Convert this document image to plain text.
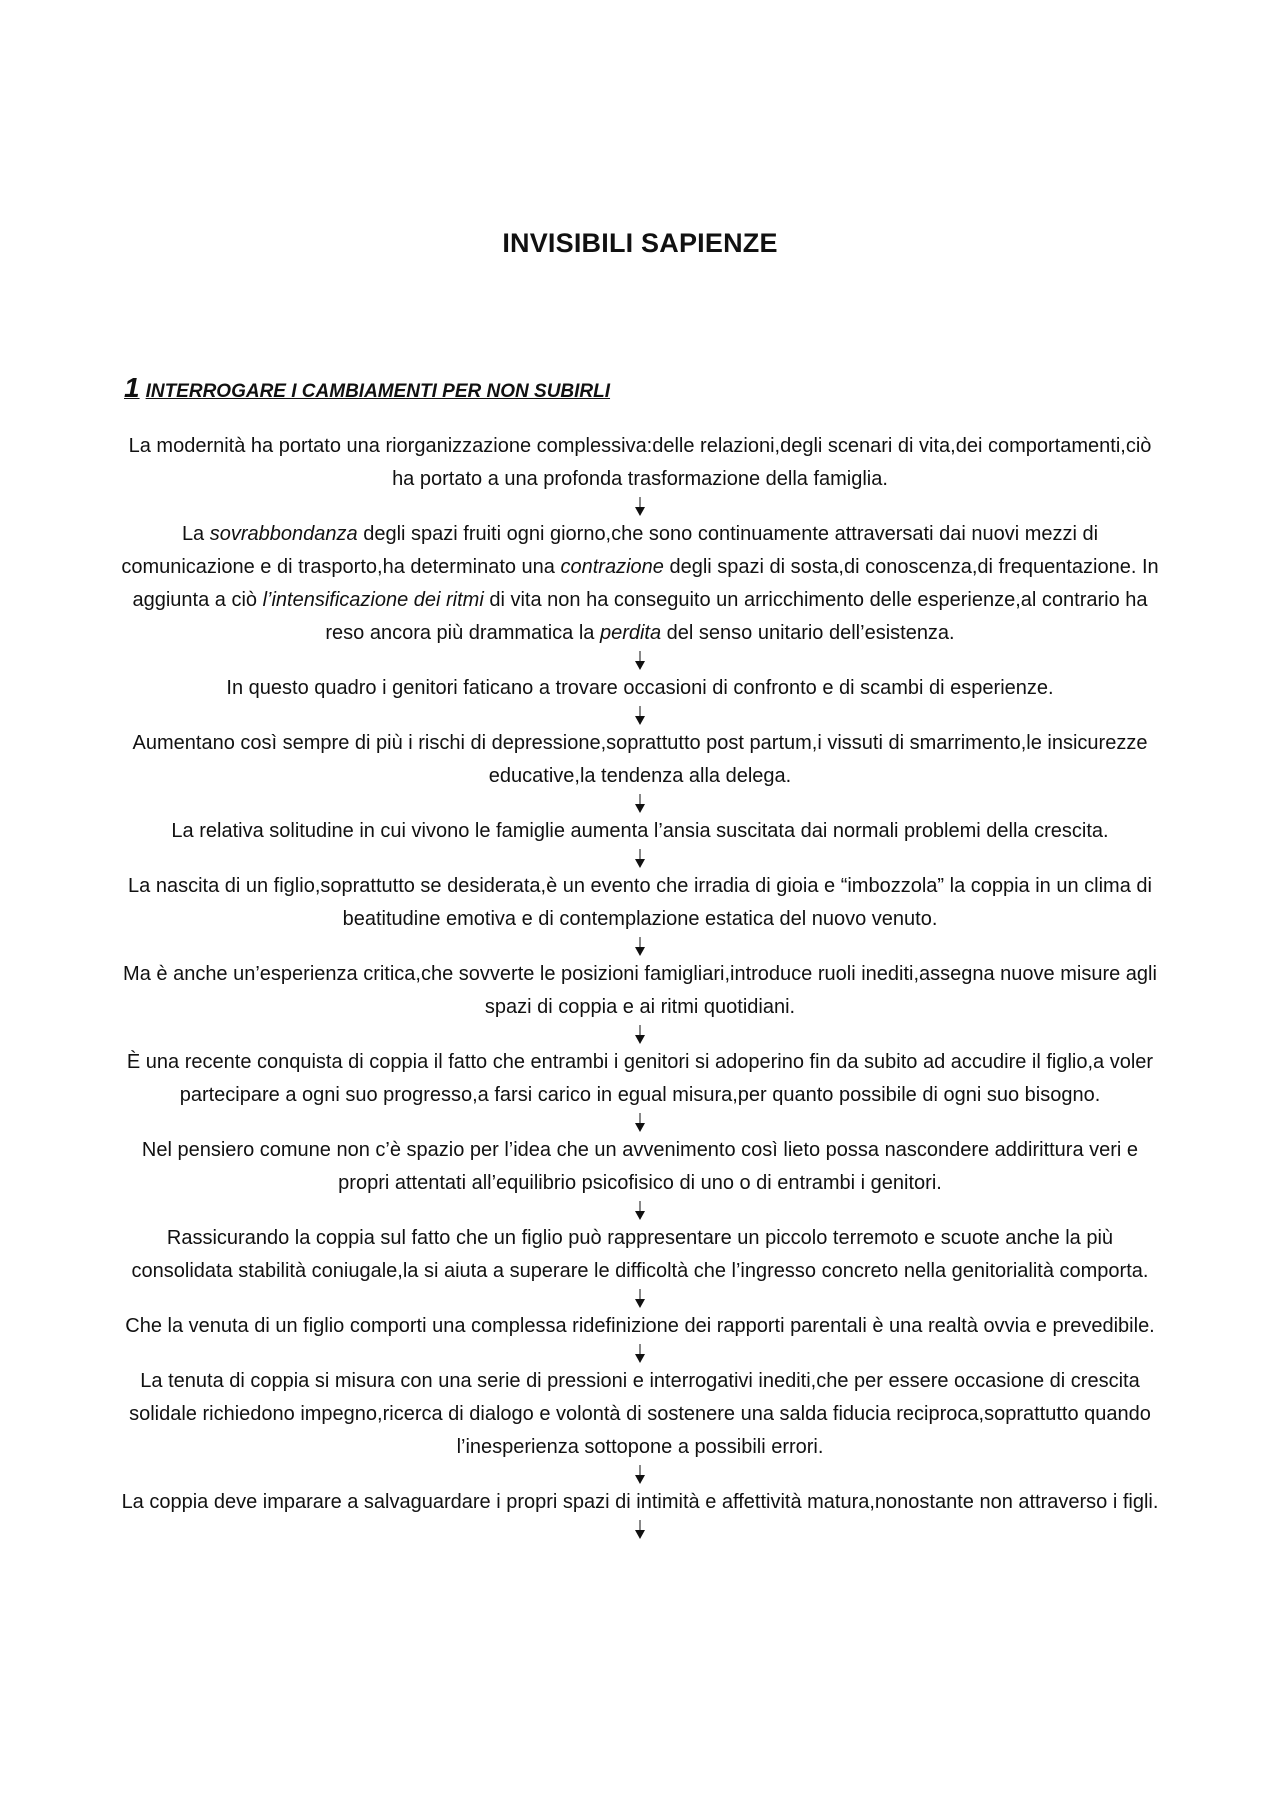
INVISIBILI SAPIENZE
1 INTERROGARE I CAMBIAMENTI PER NON SUBIRLI

La modernità ha portato una riorganizzazione complessiva:delle relazioni,degli scenari di vita,dei comportamenti,ciò ha portato a una profonda trasformazione della famiglia.

La sovrabbondanza degli spazi fruiti ogni giorno,che sono continuamente attraversati dai nuovi mezzi di comunicazione e di trasporto,ha determinato una contrazione degli spazi di sosta,di conoscenza,di frequentazione. In aggiunta a ciò l’intensificazione dei ritmi di vita non ha conseguito un arricchimento delle esperienze,al contrario ha reso ancora più drammatica la perdita del senso unitario dell’esistenza.

In questo quadro i genitori faticano a trovare occasioni di confronto e di scambi di esperienze.

Aumentano così sempre di più i rischi di depressione,soprattutto post partum,i vissuti di smarrimento,le insicurezze educative,la tendenza alla delega.

La relativa solitudine in cui vivono le famiglie aumenta l’ansia suscitata dai normali problemi della crescita.

La nascita di un figlio,soprattutto se desiderata,è un evento che irradia di gioia e “imbozzola” la coppia in un clima di beatitudine emotiva e di contemplazione estatica del nuovo venuto.

Ma è anche un’esperienza critica,che sovverte le posizioni famigliari,introduce ruoli inediti,assegna nuove misure agli spazi di coppia e ai ritmi quotidiani.

È una recente conquista di coppia il fatto che entrambi i genitori si adoperino fin da subito ad accudire il figlio,a voler partecipare a ogni suo progresso,a farsi carico in egual misura,per quanto possibile di ogni suo bisogno.

Nel pensiero comune non c’è spazio per l’idea che un avvenimento così lieto possa nascondere addirittura veri e propri attentati all’equilibrio psicofisico di uno o di entrambi i genitori.

Rassicurando la coppia sul fatto che un figlio può rappresentare un piccolo terremoto e scuote anche la più consolidata stabilità coniugale,la si aiuta a superare le difficoltà che l’ingresso concreto nella genitorialità comporta.

Che la venuta di un figlio comporti una complessa ridefinizione dei rapporti parentali è una realtà ovvia e prevedibile.

La tenuta di coppia si misura con una serie di pressioni e interrogativi inediti,che per essere occasione di crescita solidale richiedono impegno,ricerca di dialogo e volontà di sostenere una salda fiducia reciproca,soprattutto quando l’inesperienza sottopone a possibili errori.

La coppia deve imparare a salvaguardare i propri spazi di intimità e affettività matura,nonostante non attraverso i figli.
